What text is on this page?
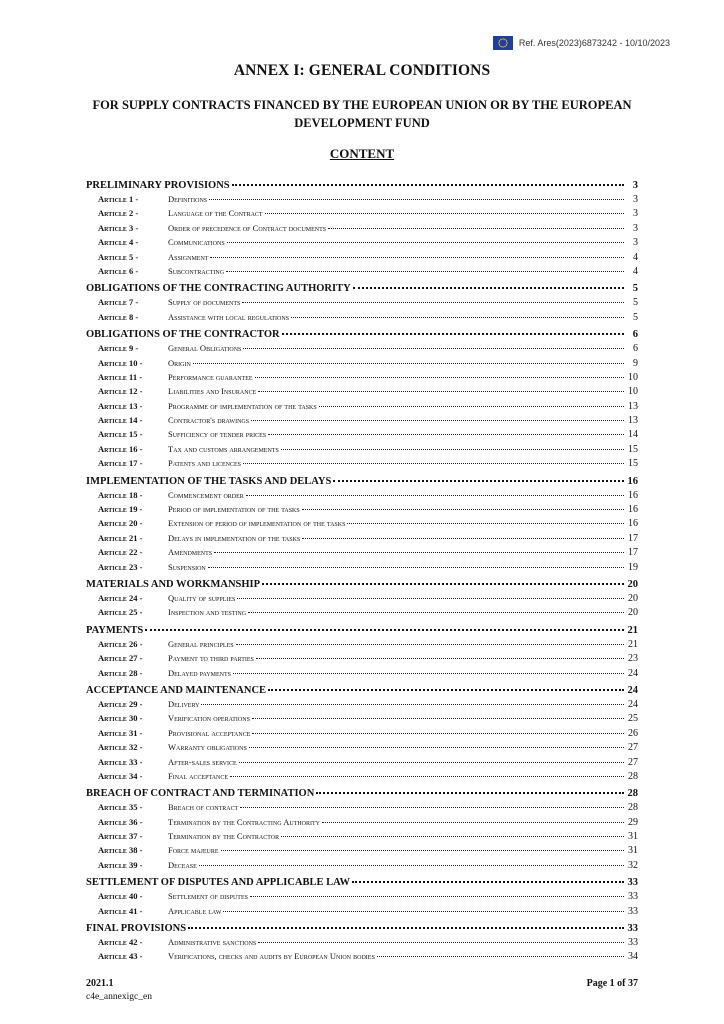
Ref. Ares(2023)6873242 - 10/10/2023
ANNEX I: GENERAL CONDITIONS
FOR SUPPLY CONTRACTS FINANCED BY THE EUROPEAN UNION OR BY THE EUROPEAN DEVELOPMENT FUND
CONTENT
PRELIMINARY PROVISIONS	3
Article 1 -	Definitions	3
Article 2 -	Language of the Contract	3
Article 3 -	Order of precedence of Contract documents	3
Article 4 -	Communications	3
Article 5 -	Assignment	4
Article 6 -	Subcontracting	4
OBLIGATIONS OF THE CONTRACTING AUTHORITY	5
Article 7 -	Supply of documents	5
Article 8 -	Assistance with local regulations	5
OBLIGATIONS OF THE CONTRACTOR	6
Article 9 -	General Obligations	6
Article 10 -	Origin	9
Article 11 -	Performance guarantee	10
Article 12 -	Liabilities and Insurance	10
Article 13 -	Programme of implementation of the tasks	13
Article 14 -	Contractor's drawings	13
Article 15 -	Sufficiency of tender prices	14
Article 16 -	Tax and customs arrangements	15
Article 17 -	Patents and licences	15
IMPLEMENTATION OF THE TASKS AND DELAYS	16
Article 18 -	Commencement order	16
Article 19 -	Period of implementation of the tasks	16
Article 20 -	Extension of period of implementation of the tasks	16
Article 21 -	Delays in implementation of the tasks	17
Article 22 -	Amendments	17
Article 23 -	Suspension	19
MATERIALS AND WORKMANSHIP	20
Article 24 -	Quality of supplies	20
Article 25 -	Inspection and testing	20
PAYMENTS	21
Article 26 -	General principles	21
Article 27 -	Payment to third parties	23
Article 28 -	Delayed payments	24
ACCEPTANCE AND MAINTENANCE	24
Article 29 -	Delivery	24
Article 30 -	Verification operations	25
Article 31 -	Provisional acceptance	26
Article 32 -	Warranty obligations	27
Article 33 -	After-sales service	27
Article 34 -	Final acceptance	28
BREACH OF CONTRACT AND TERMINATION	28
Article 35 -	Breach of contract	28
Article 36 -	Termination by the Contracting Authority	29
Article 37 -	Termination by the Contractor	31
Article 38 -	Force majeure	31
Article 39 -	Decease	32
SETTLEMENT OF DISPUTES AND APPLICABLE LAW	33
Article 40 -	Settlement of disputes	33
Article 41 -	Applicable law	33
FINAL PROVISIONS	33
Article 42 -	Administrative sanctions	33
Article 43 -	Verifications, checks and audits by European Union bodies	34
2021.1	Page 1 of 37
c4e_annexigc_en
